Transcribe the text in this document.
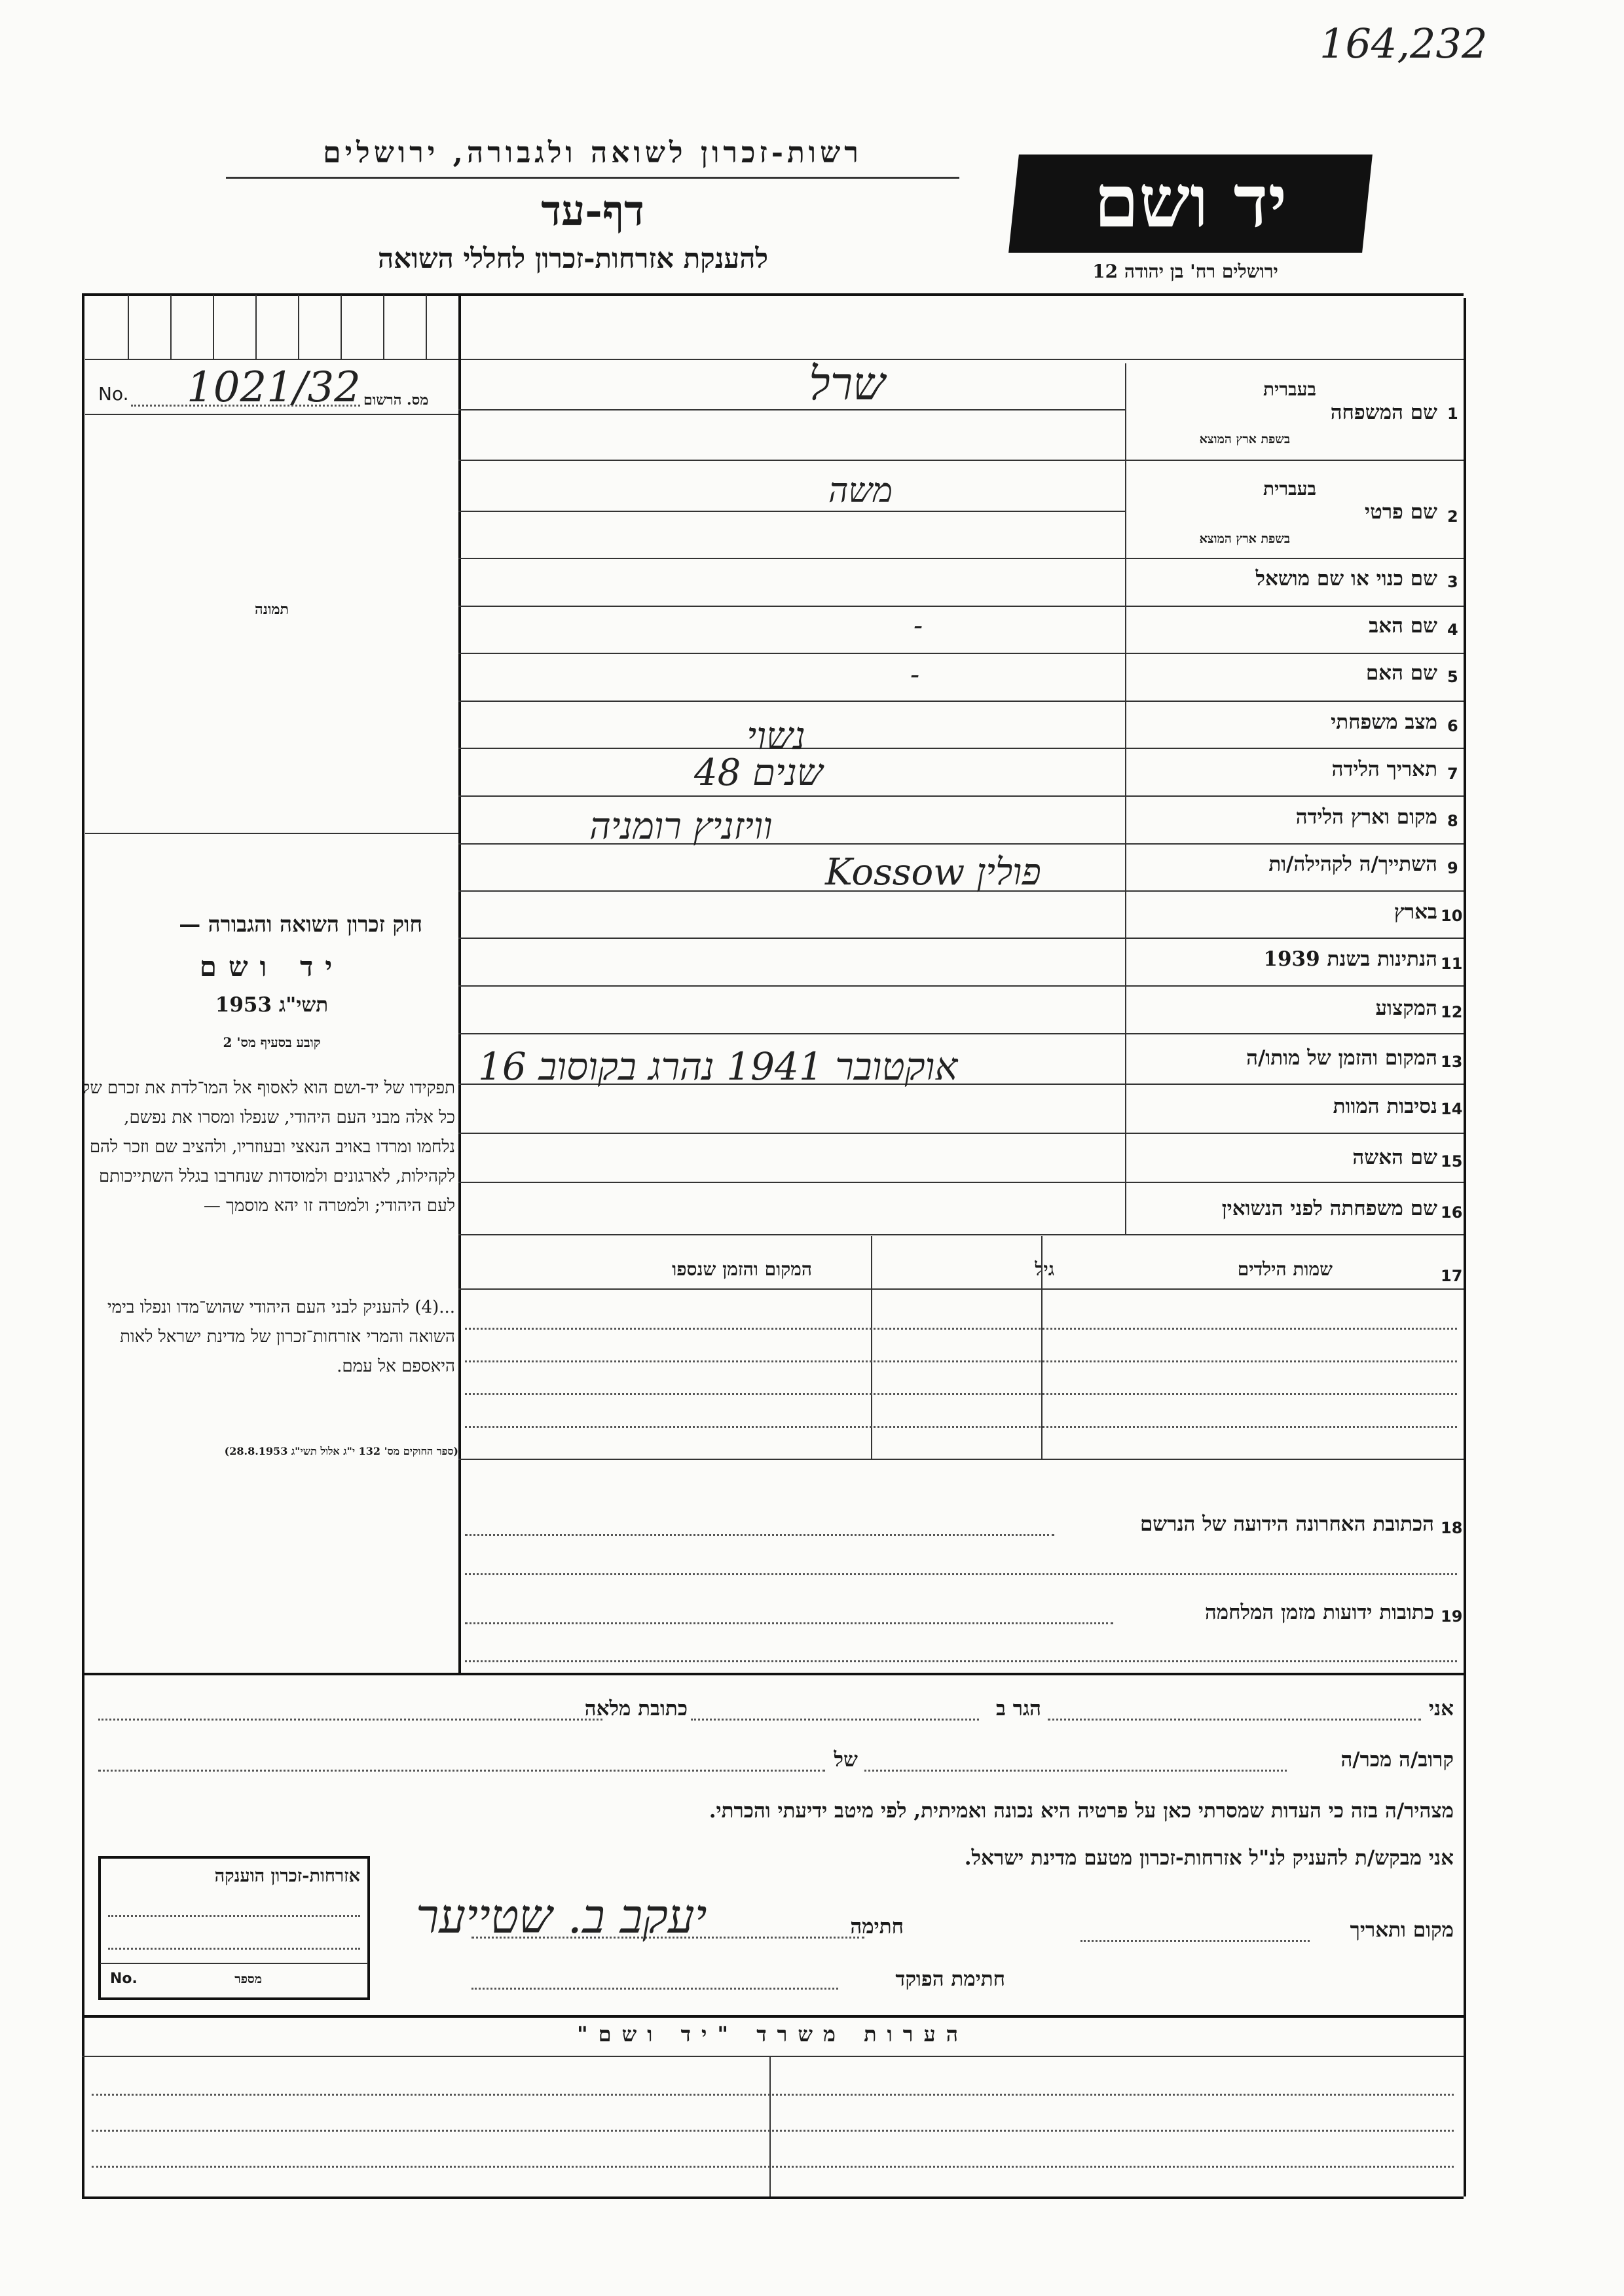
164,232
רשות-זכרון לשואה ולגבורה, ירושלים
דף-עד
להענקת אזרחות-זכרון לחללי השואה
יד ושם
ירושלים רח' בן יהודה 12
No. 1021/32 מס. הרשום
תמונה
חוק זכרון השואה והגבורה —
יד ושם
תשי"ג 1953
קובע בסעיף מס' 2
תפקידו של יד-ושם הוא לאסוף אל המו־לדת את זכרם של כל אלה מבני העם היהודי, שנפלו ומסרו את נפשם, נלחמו ומרדו באויב הנאצי ובעוזריו, ולהציב שם וזכר להם לקהילות, לארגונים ולמוסדות שנחרבו בגלל השתייכותם לעם היהודי; ולמטרה זו יהא מוסמך —
...(4) להעניק לבני העם היהודי שהוש־מדו ונפלו בימי השואה והמרי אזרחות־זכרון של מדינת ישראל לאות היאספם אל עמם.
(ספר החוקים מס' 132 י"ג אלול תשי"ג 28.8.1953)
1
שם המשפחה
בעברית
בשפת ארץ המוצא
שרל
2
שם פרטי
בעברית
בשפת ארץ המוצא
משה
3
שם כנוי או שם מושאל
4
שם האב
-
5
שם האם
-
6
מצב משפחתי
נשוי
7
תאריך הלידה
48 שנים
8
מקום וארץ הלידה
וויזניץ רומניה
9
השתייך/ה לקהילה/ות
Kossow פולין
10
בארץ
11
הנתינות בשנת 1939
12
המקצוע
13
המקום והזמן של מותו/ה
16 אוקטובר 1941 נהרג בקוסוב
14
נסיבות המוות
15
שם האשה
16
שם משפחתה לפני הנשואין
17
שמות הילדים
גיל
המקום והזמן שנספו
18
הכתובת האחרונה הידועה של הנרשם
19
כתובות ידועות מזמן המלחמה
אני
הגר ב
כתובת מלאה
קרוב/ה מכר/ה
של
מצהיר/ה בזה כי העדות שמסרתי כאן על פרטיה היא נכונה ואמיתית, לפי מיטב ידיעתי והכרתי.
אני מבקש/ת להעניק לנ"ל אזרחות-זכרון מטעם מדינת ישראל.
מקום ותאריך
חתימה
יעקב ב. שטייער
חתימת הפוקד
אזרחות-זכרון הוענקה
No.	מספר
הערות משרד "יד ושם"
